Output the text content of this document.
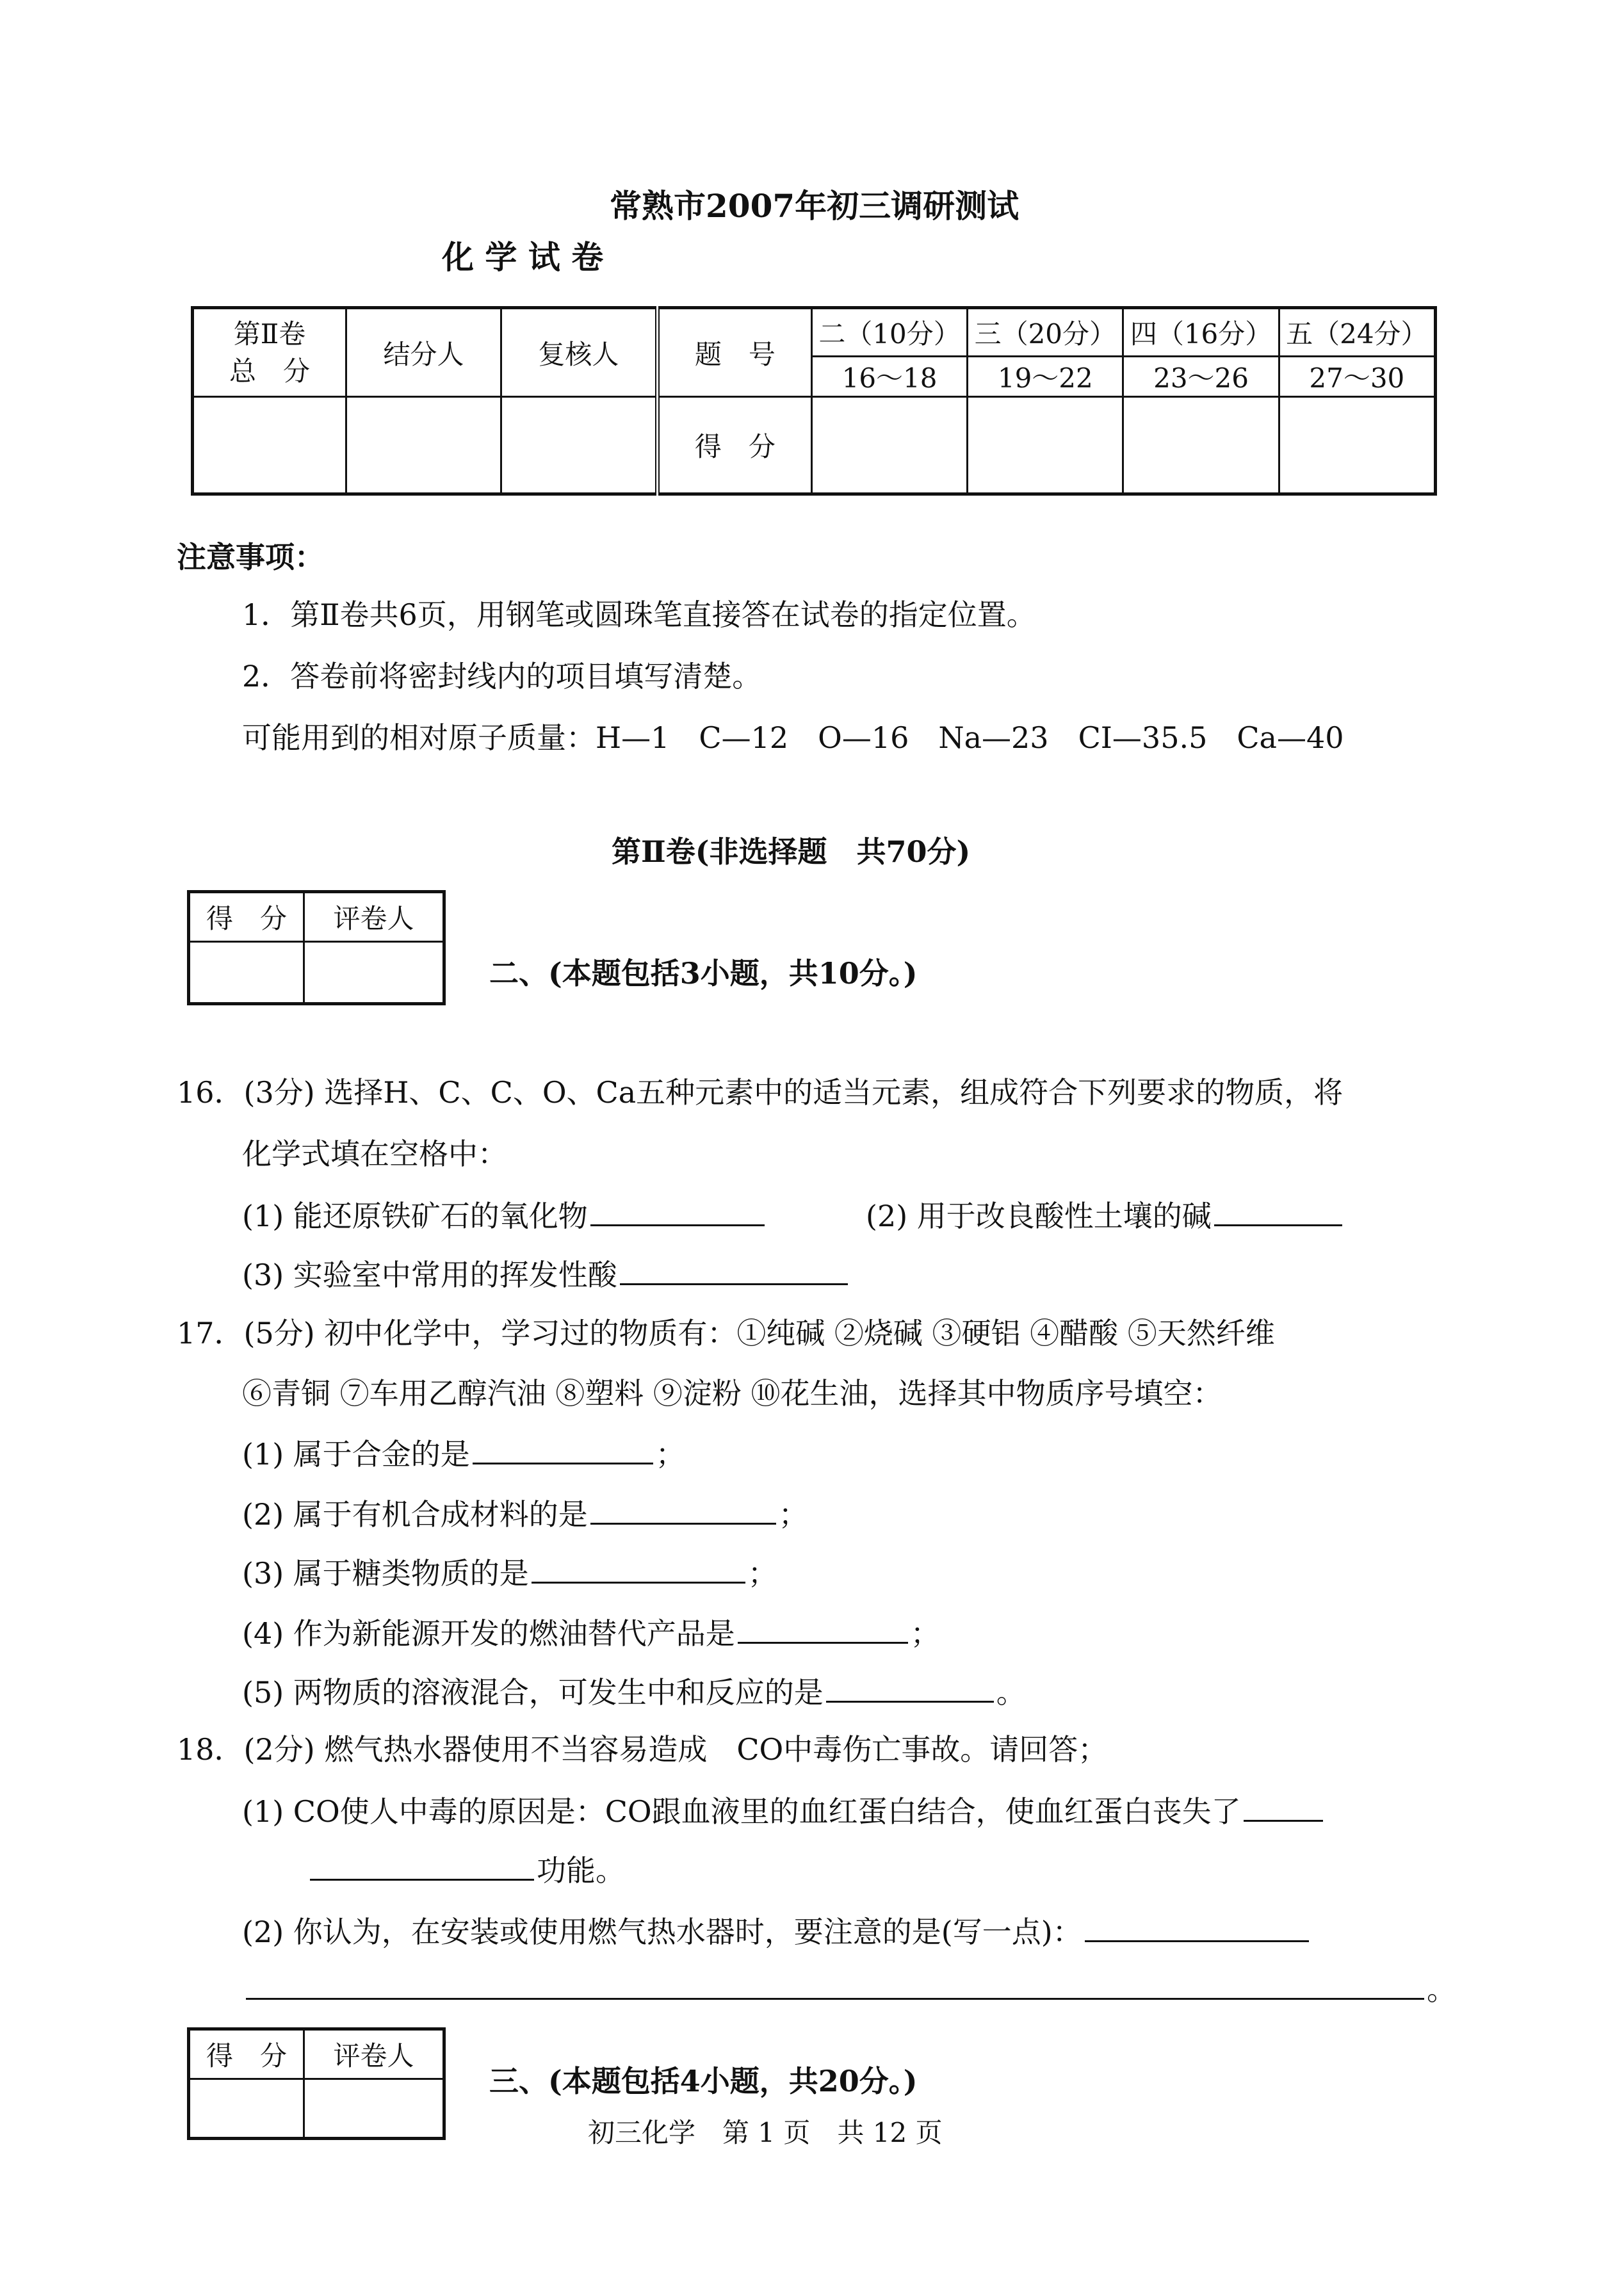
常熟市2007年初三调研测试
化 学 试 卷
第Ⅱ卷
总　分	结分人	复核人	题　号	二（10分）	三（20分）	四（16分）	五（24分）
				16～18	19～22	23～26	27～30
			得　分				
注意事项：
1．第Ⅱ卷共6页，用钢笔或圆珠笔直接答在试卷的指定位置。
2．答卷前将密封线内的项目填写清楚。
可能用到的相对原子质量：H—1　C—12　O—16　Na—23　CI—35.5　Ca—40
第Ⅱ卷(非选择题　共70分)
得　分	评卷人

二、(本题包括3小题，共10分。)
16．(3分) 选择H、C、C、O、Ca五种元素中的适当元素，组成符合下列要求的物质，将
化学式填在空格中：
(1) 能还原铁矿石的氧化物	(2) 用于改良酸性土壤的碱
(3) 实验室中常用的挥发性酸
17．(5分) 初中化学中，学习过的物质有：①纯碱 ②烧碱 ③硬铝 ④醋酸 ⑤天然纤维
⑥青铜 ⑦车用乙醇汽油 ⑧塑料 ⑨淀粉 ⑩花生油，选择其中物质序号填空：
(1) 属于合金的是	；
(2) 属于有机合成材料的是	；
(3) 属于糖类物质的是	；
(4) 作为新能源开发的燃油替代产品是	；
(5) 两物质的溶液混合，可发生中和反应的是	。
18．(2分) 燃气热水器使用不当容易造成　CO中毒伤亡事故。请回答；
(1) CO使人中毒的原因是：CO跟血液里的血红蛋白结合，使血红蛋白丧失了
功能。
(2) 你认为，在安装或使用燃气热水器时，要注意的是(写一点)：
。
得　分	评卷人

三、(本题包括4小题，共20分。)
初三化学　第 1 页　共 12 页
